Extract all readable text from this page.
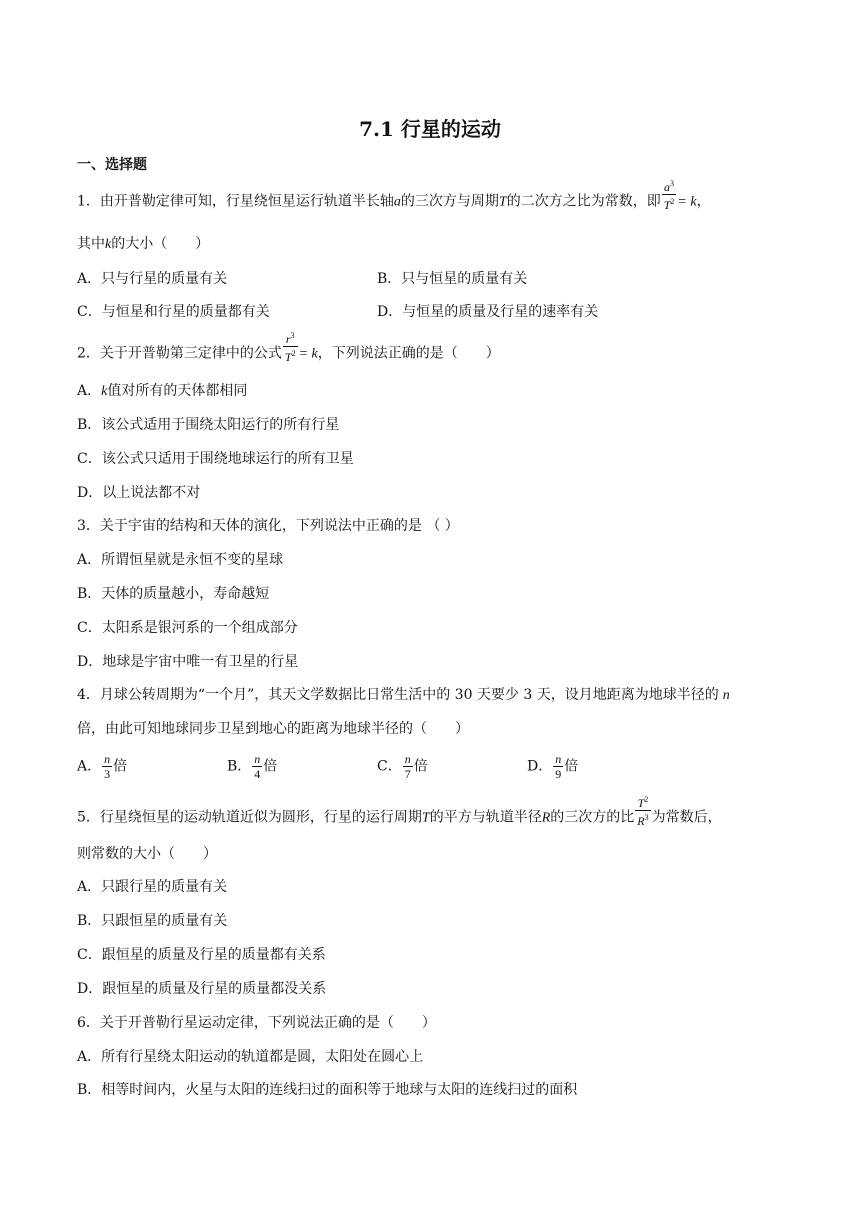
7.1 行星的运动
一、选择题
1．由开普勒定律可知，行星绕恒星运行轨道半长轴a的三次方与周期T的二次方之比为常数，即 $\frac{a^3}{T^2} = k$，
其中k的大小（　　）
A．只与行星的质量有关	B．只与恒星的质量有关
C．与恒星和行星的质量都有关	D．与恒星的质量及行星的速率有关
2．关于开普勒第三定律中的公式 $\frac{r^3}{T^2} = k$，下列说法正确的是（　　）
A．k值对所有的天体都相同
B．该公式适用于围绕太阳运行的所有行星
C．该公式只适用于围绕地球运行的所有卫星
D．以上说法都不对
3．关于宇宙的结构和天体的演化，下列说法中正确的是 （ ）
A．所谓恒星就是永恒不变的星球
B．天体的质量越小，寿命越短
C．太阳系是银河系的一个组成部分
D．地球是宇宙中唯一有卫星的行星
4．月球公转周期为“一个月”，其天文学数据比日常生活中的 30 天要少 3 天，设月地距离为地球半径的 n
倍，由此可知地球同步卫星到地心的距离为地球半径的（　　）
A． $\frac{n}{3}$ 倍	B． $\frac{n}{4}$ 倍	C． $\frac{n}{7}$ 倍	D． $\frac{n}{9}$ 倍
5．行星绕恒星的运动轨道近似为圆形，行星的运行周期T的平方与轨道半径R的三次方的比 $\frac{T^2}{R^3}$ 为常数后，
则常数的大小（　　）
A．只跟行星的质量有关
B．只跟恒星的质量有关
C．跟恒星的质量及行星的质量都有关系
D．跟恒星的质量及行星的质量都没关系
6．关于开普勒行星运动定律，下列说法正确的是（　　）
A．所有行星绕太阳运动的轨道都是圆，太阳处在圆心上
B．相等时间内，火星与太阳的连线扫过的面积等于地球与太阳的连线扫过的面积
